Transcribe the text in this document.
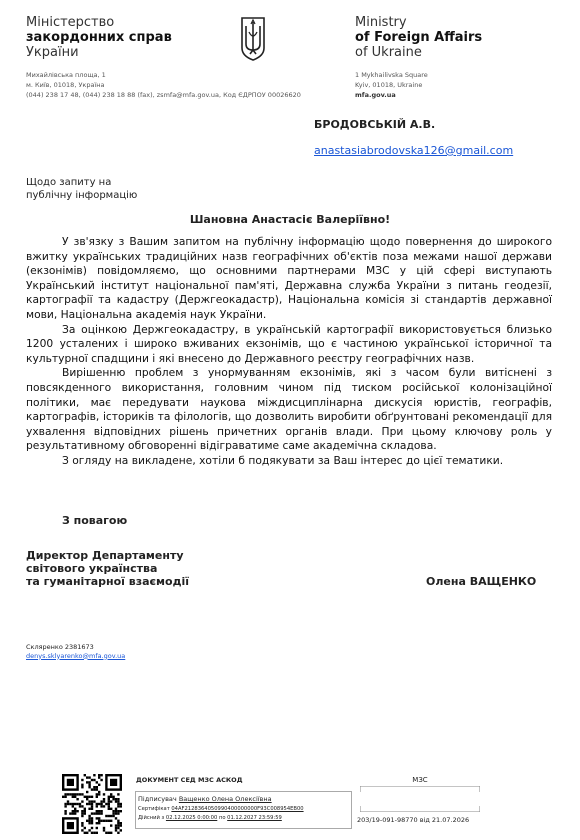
Міністерство
закордонних справ
України
Михайлівська площа, 1
м. Київ, 01018, Україна
(044) 238 17 48, (044) 238 18 88 (fax), zsmfa@mfa.gov.ua, Код ЄДРПОУ 00026620
Ministry
of Foreign Affairs
of Ukraine
1 Mykhailivska Square
Kyiv, 01018, Ukraine
mfa.gov.ua
БРОДОВСЬКІЙ А.В.
anastasiabrodovska126@gmail.com
Щодо запиту на
публічну інформацію
Шановна Анастасіє Валеріївно!

У зв'язку з Вашим запитом на публічну інформацію щодо повернення до широкого вжитку українських традиційних назв географічних об'єктів поза межами нашої держави (екзонімів) повідомляємо, що основними партнерами МЗС у цій сфері виступають Український інститут національної пам'яті, Державна служба України з питань геодезії, картографії та кадастру (Держгеокадастр), Національна комісія зі стандартів державної мови, Національна академія наук України.

За оцінкою Держгеокадастру, в українській картографії використовується близько 1200 усталених і широко вживаних екзонімів, що є частиною української історичної та культурної спадщини і які внесено до Державного реєстру географічних назв.

Вирішенню проблем з унормуванням екзонімів, які з часом були витіснені з повсякденного використання, головним чином під тиском російської колонізаційної політики, має передувати наукова міждисциплінарна дискусія юристів, географів, картографів, істориків та філологів, що дозволить виробити обґрунтовані рекомендації для ухвалення відповідних рішень причетних органів влади. При цьому ключову роль у результативному обговоренні відіграватиме саме академічна складова.

З огляду на викладене, хотіли б подякувати за Ваш інтерес до цієї тематики.

З повагою
Директор Департаменту
світового українства
та гуманітарної взаємодії	Олена ВАЩЕНКО
Скляренко 2381673
denys.sklyarenko@mfa.gov.ua
ДОКУМЕНТ СЕД МЗС АСКОД
Підписувач Ващенко Олена Олексіївна
Сертифікат 04AF2128364050990400000000F93C008954EB00
Дійсний з 02.12.2025 0:00:00 по 01.12.2027 23:59:59
МЗС
203/19-091-98770 від 21.07.2026
